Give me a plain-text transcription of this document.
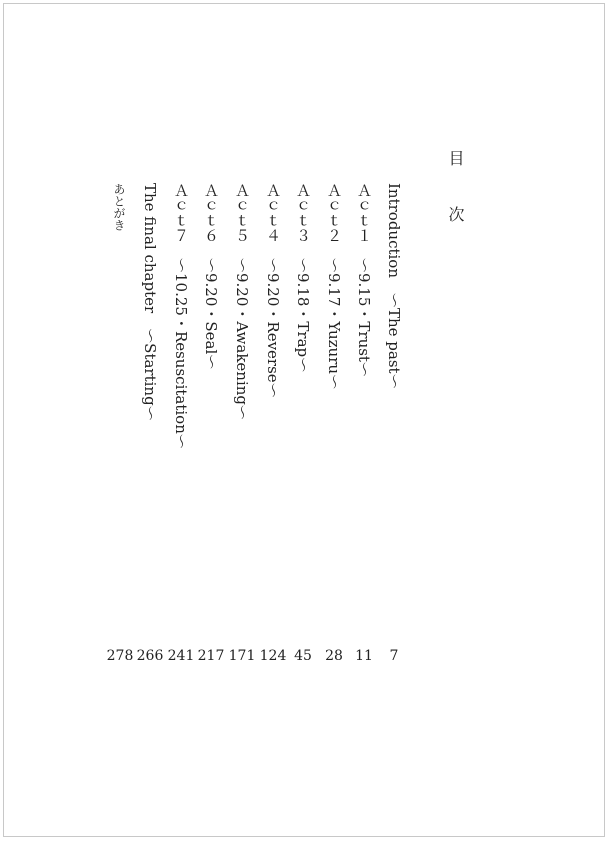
目　次
Introduction　～The past～
Ａｃｔ１　～9.15・Trust～
Ａｃｔ２　～9.17・Yuzuru～
Ａｃｔ３　～9.18・Trap～
Ａｃｔ４　～9.20・Reverse～
Ａｃｔ５　～9.20・Awakening～
Ａｃｔ６　～9.20・Seal～
Ａｃｔ７　～10.25・Resuscitation～
The final chapter　～Starting～
あとがき
7
11
28
45
124
171
217
241
266
278
